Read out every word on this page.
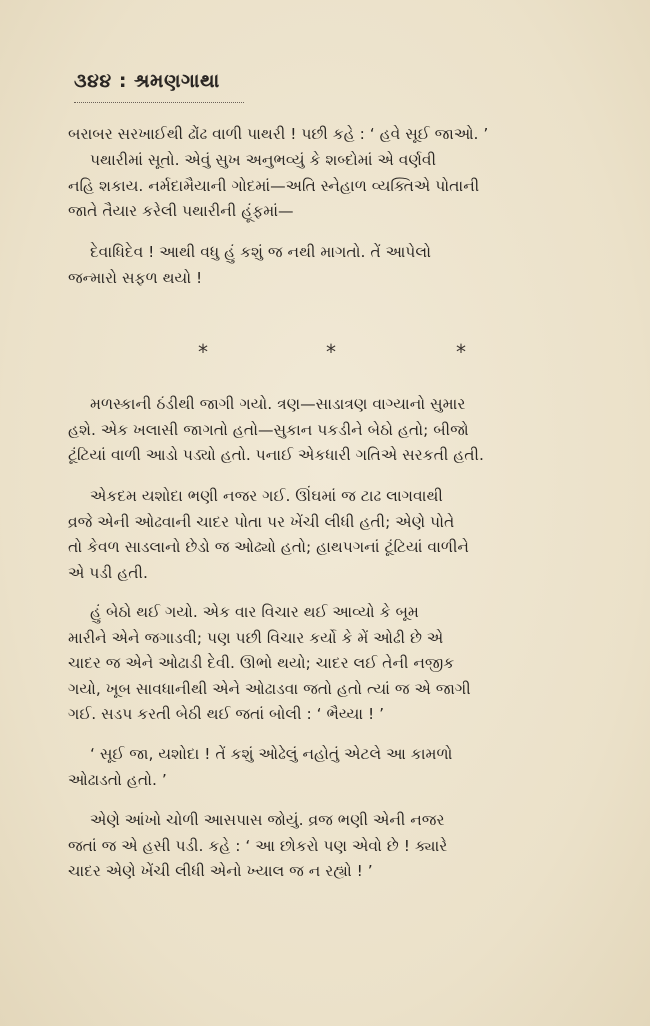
૩૪૪ : શ્રમણગાથા
બરાબર સરખાઈથી ઢોંઢ વાળી પાથરી ! પછી કહે : ‘ હવે સૂઈ જાઓ. ’
પથારીમાં સૂતો. એવું સુખ અનુભવ્યું કે શબ્દોમાં એ વર્ણવી
નહિ શકાય. નર્મદામૈયાની ગોદમાં—અતિ સ્નેહાળ વ્યક્તિએ પોતાની
જાતે તૈયાર કરેલી પથારીની હૂંફમાં—
દેવાધિદેવ ! આથી વધુ હું કશું જ નથી માગતો. તેં આપેલો
જન્મારો સફળ થયો !
*	*	*
મળસ્કાની ઠંડીથી જાગી ગયો. ત્રણ—સાડાત્રણ વાગ્યાનો સુમાર
હશે. એક ખલાસી જાગતો હતો—સુકાન પકડીને બેઠો હતો; બીજો
ટૂંટિયાં વાળી આડો પડ્યો હતો. પનાઈ એકધારી ગતિએ સરકતી હતી.
એકદમ યશોદા ભણી નજર ગઈ. ઊંઘમાં જ ટાઢ લાગવાથી
વ્રજે એની ઓઢવાની ચાદર પોતા પર ખેંચી લીધી હતી; એણે પોતે
તો કેવળ સાડલાનો છેડો જ ઓઢ્યો હતો; હાથપગનાં ટૂંટિયાં વાળીને
એ પડી હતી.
હું બેઠો થઈ ગયો. એક વાર વિચાર થઈ આવ્યો કે બૂમ
મારીને એને જગાડવી; પણ પછી વિચાર કર્યો કે મેં ઓઢી છે એ
ચાદર જ એને ઓઢાડી દેવી. ઊભો થયો; ચાદર લઈ તેની નજીક
ગયો, ખૂબ સાવધાનીથી એને ઓઢાડવા જતો હતો ત્યાં જ એ જાગી
ગઈ. સડપ કરતી બેઠી થઈ જતાં બોલી : ‘ ભૈય્યા ! ’
‘ સૂઈ જા, યશોદા ! તેં કશું ઓઢેલું નહોતું એટલે આ કામળો
ઓઢાડતો હતો. ’
એણે આંખો ચોળી આસપાસ જોયું. વ્રજ ભણી એની નજર
જતાં જ એ હસી પડી. કહે : ‘ આ છોકરો પણ એવો છે ! ક્યારે
ચાદર એણે ખેંચી લીધી એનો ખ્યાલ જ ન રહ્યો ! ’
